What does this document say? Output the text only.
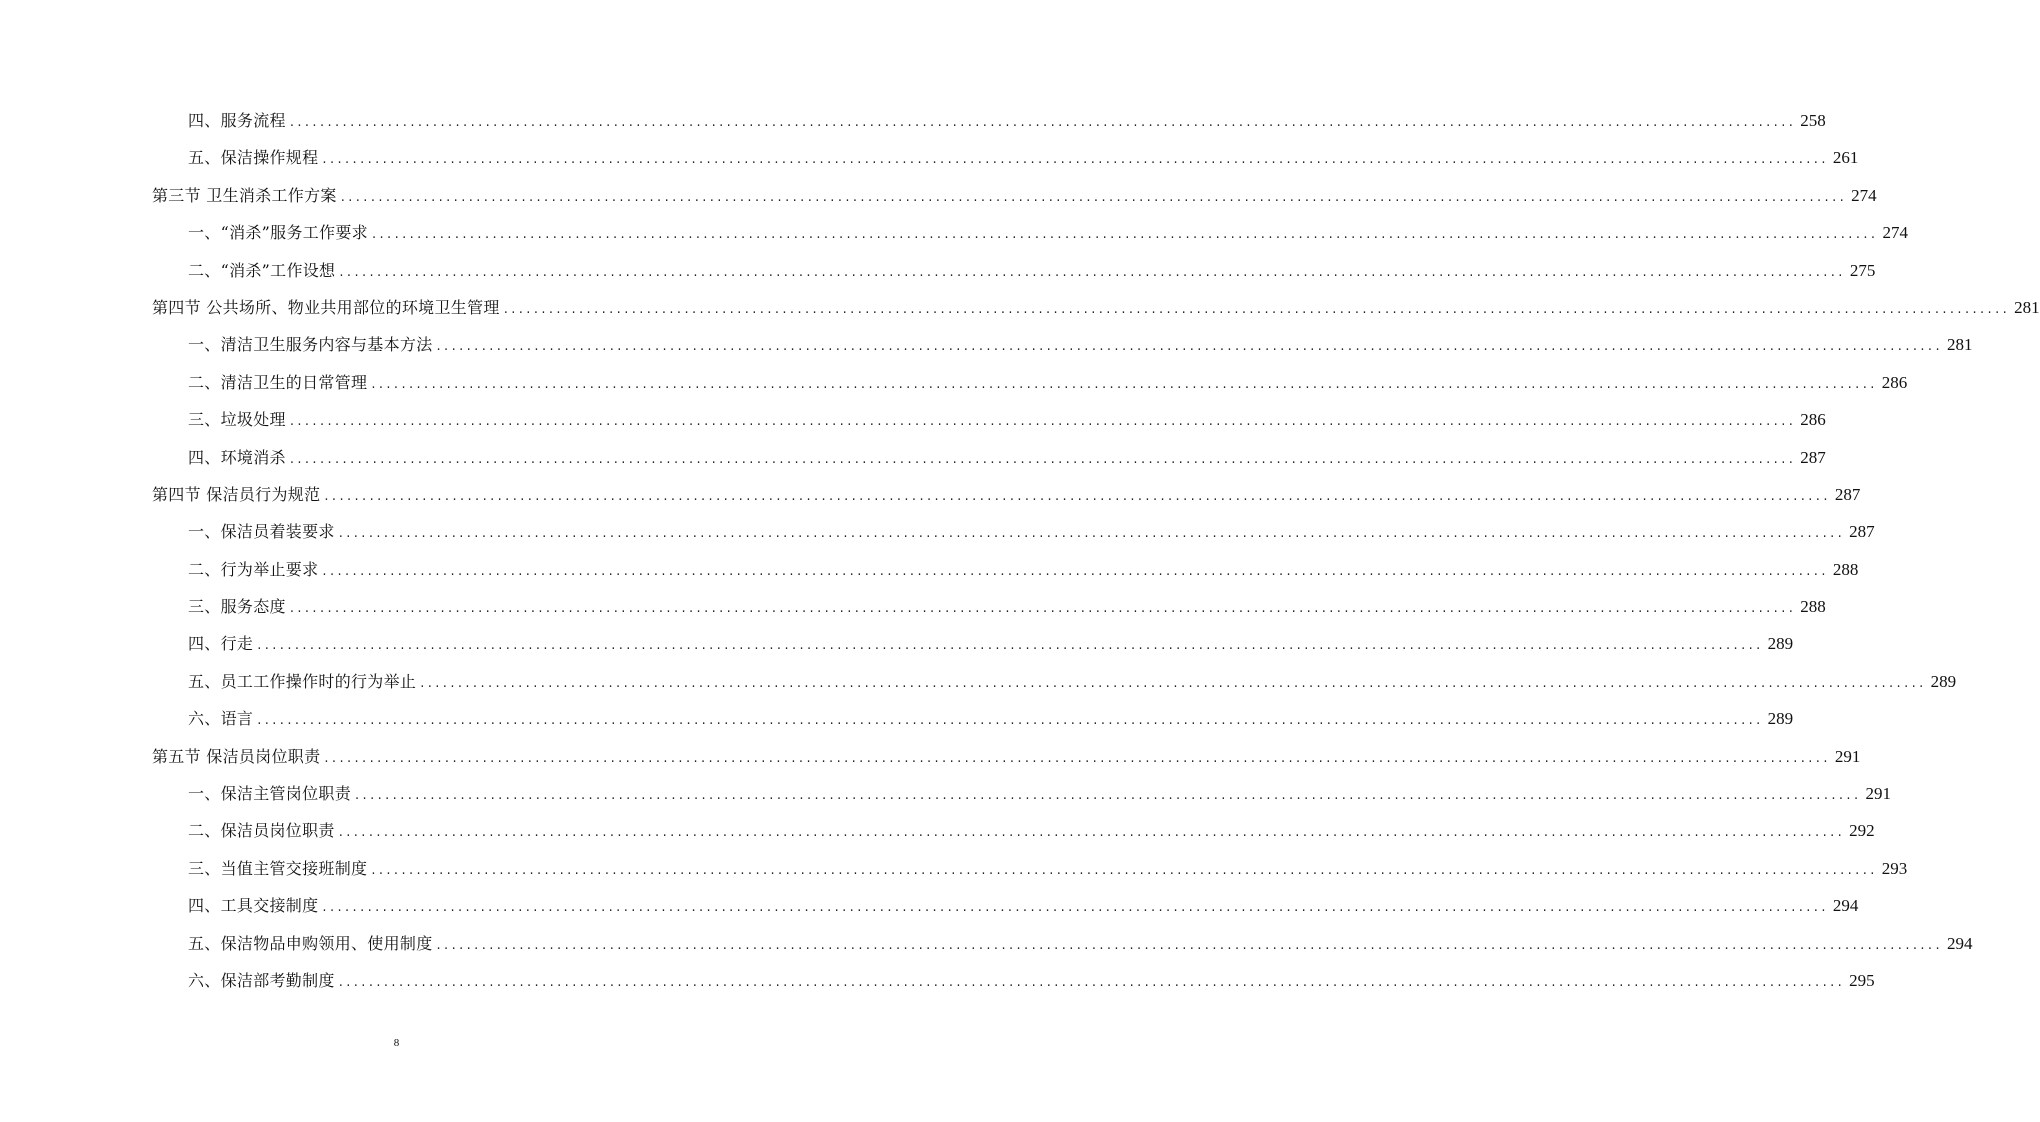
四、服务流程 ........................................................................................................................................................................................................ 258
五、保洁操作规程 ........................................................................................................................................................................................................ 261
第三节 卫生消杀工作方案 ........................................................................................................................................................................................................ 274
一、“消杀”服务工作要求 ........................................................................................................................................................................................................ 274
二、“消杀”工作设想 ........................................................................................................................................................................................................ 275
第四节 公共场所、物业共用部位的环境卫生管理 ........................................................................................................................................................................................................ 281
一、清洁卫生服务内容与基本方法 ........................................................................................................................................................................................................ 281
二、清洁卫生的日常管理 ........................................................................................................................................................................................................ 286
三、垃圾处理 ........................................................................................................................................................................................................ 286
四、环境消杀 ........................................................................................................................................................................................................ 287
第四节 保洁员行为规范 ........................................................................................................................................................................................................ 287
一、保洁员着装要求 ........................................................................................................................................................................................................ 287
二、行为举止要求 ........................................................................................................................................................................................................ 288
三、服务态度 ........................................................................................................................................................................................................ 288
四、行走 ........................................................................................................................................................................................................ 289
五、员工工作操作时的行为举止 ........................................................................................................................................................................................................ 289
六、语言 ........................................................................................................................................................................................................ 289
第五节 保洁员岗位职责 ........................................................................................................................................................................................................ 291
一、保洁主管岗位职责 ........................................................................................................................................................................................................ 291
二、保洁员岗位职责 ........................................................................................................................................................................................................ 292
三、当值主管交接班制度 ........................................................................................................................................................................................................ 293
四、工具交接制度 ........................................................................................................................................................................................................ 294
五、保洁物品申购领用、使用制度 ........................................................................................................................................................................................................ 294
六、保洁部考勤制度 ........................................................................................................................................................................................................ 295
8
